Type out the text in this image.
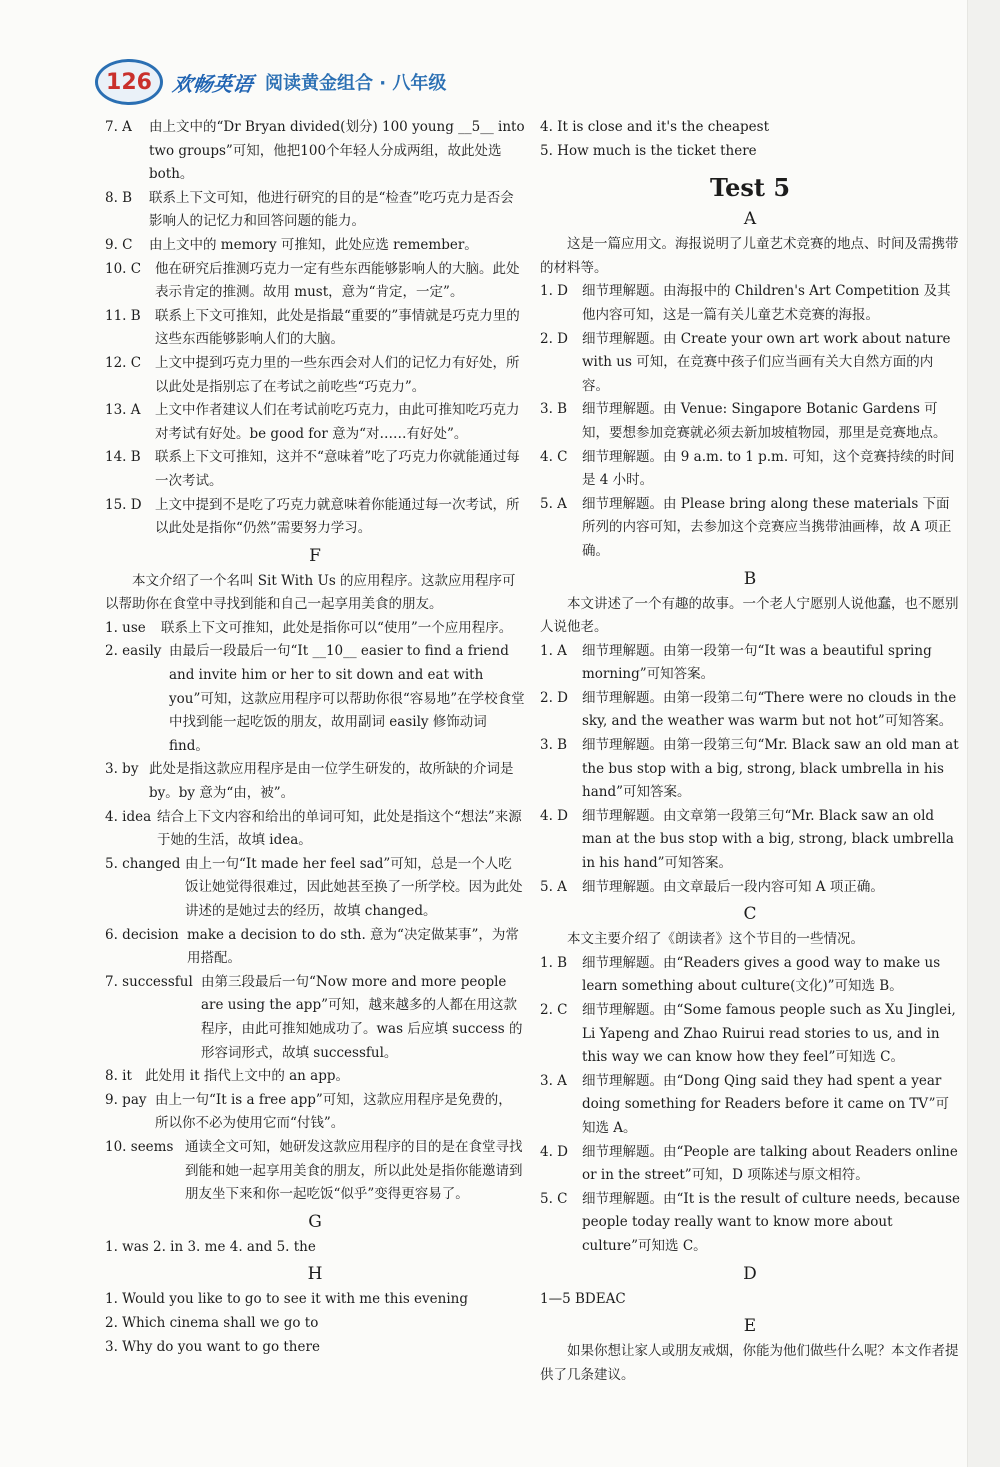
126 欢畅英语 阅读黄金组合 · 八年级
7. A	由上文中的“Dr Bryan divided(划分) 100 young __5__ into two groups”可知，他把100个年轻人分成两组，故此处选both。
8. B	联系上下文可知，他进行研究的目的是“检查”吃巧克力是否会影响人的记忆力和回答问题的能力。
9. C	由上文中的 memory 可推知，此处应选 remember。
10. C	他在研究后推测巧克力一定有些东西能够影响人的大脑。此处表示肯定的推测。故用 must，意为“肯定，一定”。
11. B	联系上下文可推知，此处是指最“重要的”事情就是巧克力里的这些东西能够影响人们的大脑。
12. C	上文中提到巧克力里的一些东西会对人们的记忆力有好处，所以此处是指别忘了在考试之前吃些“巧克力”。
13. A	上文中作者建议人们在考试前吃巧克力，由此可推知吃巧克力对考试有好处。be good for 意为“对……有好处”。
14. B	联系上下文可推知，这并不“意味着”吃了巧克力你就能通过每一次考试。
15. D 上文中提到不是吃了巧克力就意味着你能通过每一次考试，所以此处是指你“仍然”需要努力学习。
F
本文介绍了一个名叫 Sit With Us 的应用程序。这款应用程序可以帮助你在食堂中寻找到能和自己一起享用美食的朋友。
1. use	联系上下文可推知，此处是指你可以“使用”一个应用程序。
2. easily 由最后一段最后一句“It __10__ easier to find a friend and invite him or her to sit down and eat with you”可知，这款应用程序可以帮助你很“容易地”在学校食堂中找到能一起吃饭的朋友，故用副词 easily 修饰动词 find。
3. by 此处是指这款应用程序是由一位学生研发的，故所缺的介词是 by。by 意为“由，被”。
4. idea 结合上下文内容和给出的单词可知，此处是指这个“想法”来源于她的生活，故填 idea。
5. changed 由上一句“It made her feel sad”可知，总是一个人吃饭让她觉得很难过，因此她甚至换了一所学校。因为此处讲述的是她过去的经历，故填 changed。
6. decision make a decision to do sth. 意为“决定做某事”，为常用搭配。
7. successful 由第三段最后一句“Now more and more people are using the app”可知，越来越多的人都在用这款程序，由此可推知她成功了。was 后应填 success 的形容词形式，故填 successful。
8. it 此处用 it 指代上文中的 an app。
9. pay 由上一句“It is a free app”可知，这款应用程序是免费的，所以你不必为使用它而“付钱”。
10. seems 通读全文可知，她研发这款应用程序的目的是在食堂寻找到能和她一起享用美食的朋友，所以此处是指你能邀请到朋友坐下来和你一起吃饭“似乎”变得更容易了。
G
1. was 2. in 3. me 4. and 5. the
H
1. Would you like to go to see it with me this evening
2. Which cinema shall we go to
3. Why do you want to go there
4. It is close and it's the cheapest
5. How much is the ticket there
Test 5
A
这是一篇应用文。海报说明了儿童艺术竞赛的地点、时间及需携带的材料等。
1. D	细节理解题。由海报中的 Children's Art Competition 及其他内容可知，这是一篇有关儿童艺术竞赛的海报。
2. D	细节理解题。由 Create your own art work about nature with us 可知，在竞赛中孩子们应当画有关大自然方面的内容。
3. B	细节理解题。由 Venue: Singapore Botanic Gardens 可知，要想参加竞赛就必须去新加坡植物园，那里是竞赛地点。
4. C	细节理解题。由 9 a.m. to 1 p.m. 可知，这个竞赛持续的时间是 4 小时。
5. A	细节理解题。由 Please bring along these materials 下面所列的内容可知，去参加这个竞赛应当携带油画棒，故 A 项正确。
B
本文讲述了一个有趣的故事。一个老人宁愿别人说他蠢，也不愿别人说他老。
1. A	细节理解题。由第一段第一句“It was a beautiful spring morning”可知答案。
2. D	细节理解题。由第一段第二句“There were no clouds in the sky, and the weather was warm but not hot”可知答案。
3. B	细节理解题。由第一段第三句“Mr. Black saw an old man at the bus stop with a big, strong, black umbrella in his hand”可知答案。
4. D	细节理解题。由文章第一段第三句“Mr. Black saw an old man at the bus stop with a big, strong, black umbrella in his hand”可知答案。
5. A	细节理解题。由文章最后一段内容可知 A 项正确。
C
本文主要介绍了《朗读者》这个节目的一些情况。
1. B	细节理解题。由“Readers gives a good way to make us learn something about culture(文化)”可知选 B。
2. C	细节理解题。由“Some famous people such as Xu Jinglei, Li Yapeng and Zhao Ruirui read stories to us, and in this way we can know how they feel”可知选 C。
3. A	细节理解题。由“Dong Qing said they had spent a year doing something for Readers before it came on TV”可知选 A。
4. D	细节理解题。由“People are talking about Readers online or in the street”可知，D 项陈述与原文相符。
5. C	细节理解题。由“It is the result of culture needs, because people today really want to know more about culture”可知选 C。
D
1—5 BDEAC
E
如果你想让家人或朋友戒烟，你能为他们做些什么呢？本文作者提供了几条建议。
